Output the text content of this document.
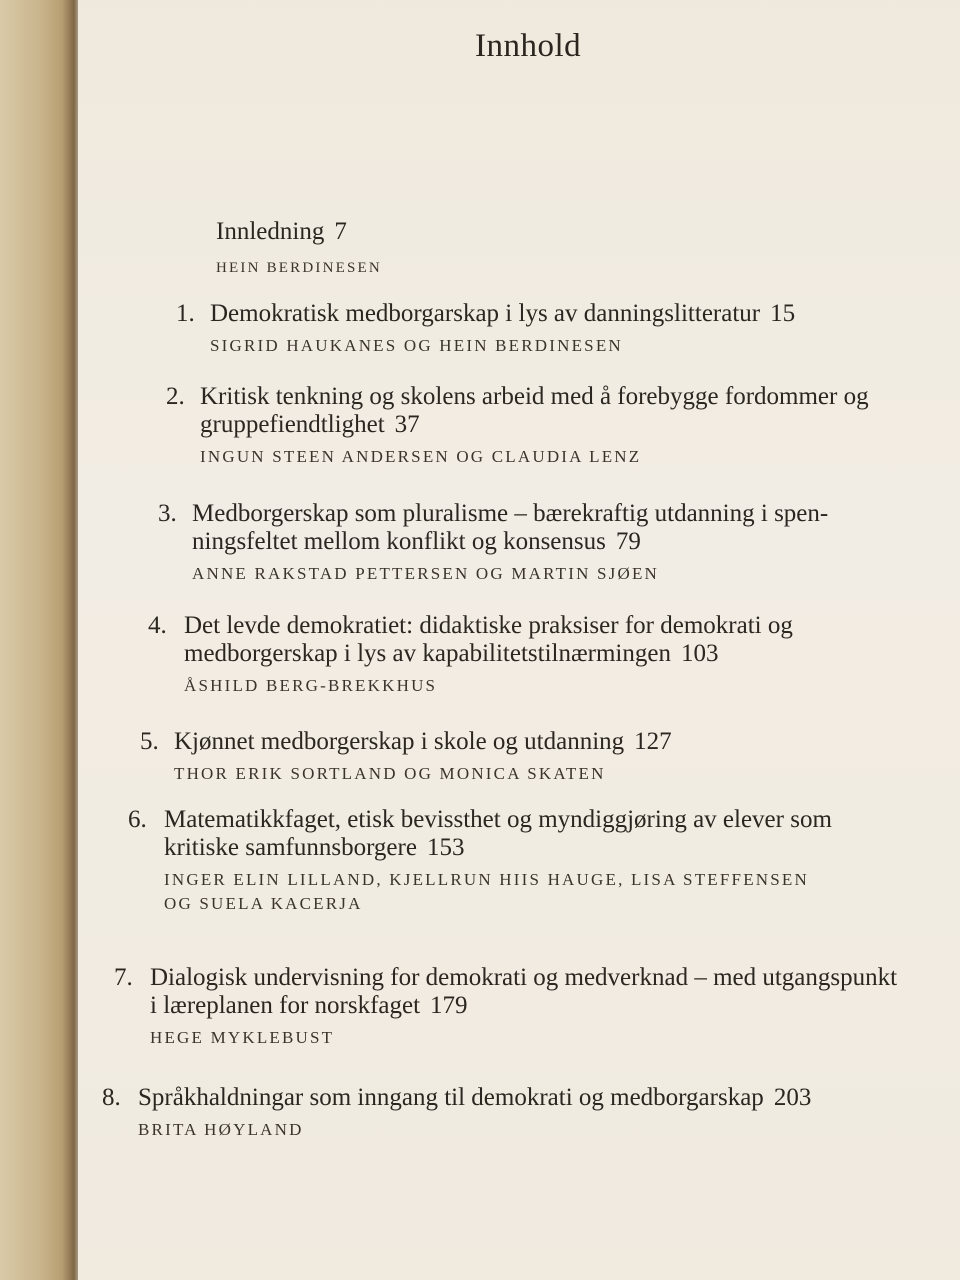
Innhold
Innledning 7
HEIN BERDINESEN
1. Demokratisk medborgarskap i lys av danningslitteratur 15
SIGRID HAUKANES OG HEIN BERDINESEN
2. Kritisk tenkning og skolens arbeid med å forebygge fordommer og gruppefiendtlighet 37
INGUN STEEN ANDERSEN OG CLAUDIA LENZ
3. Medborgerskap som pluralisme – bærekraftig utdanning i spen-ningsfeltet mellom konflikt og konsensus 79
ANNE RAKSTAD PETTERSEN OG MARTIN SJØEN
4. Det levde demokratiet: didaktiske praksiser for demokrati og medborgerskap i lys av kapabilitetstilnærmingen 103
ÅSHILD BERG-BREKKHUS
5. Kjønnet medborgerskap i skole og utdanning 127
THOR ERIK SORTLAND OG MONICA SKATEN
6. Matematikkfaget, etisk bevissthet og myndiggjøring av elever som kritiske samfunnsborgere 153
INGER ELIN LILLAND, KJELLRUN HIIS HAUGE, LISA STEFFENSEN
OG SUELA KACERJA
7. Dialogisk undervisning for demokrati og medverknad – med utgangspunkt i læreplanen for norskfaget 179
HEGE MYKLEBUST
8. Språkhaldningar som inngang til demokrati og medborgarskap 203
BRITA HØYLAND
